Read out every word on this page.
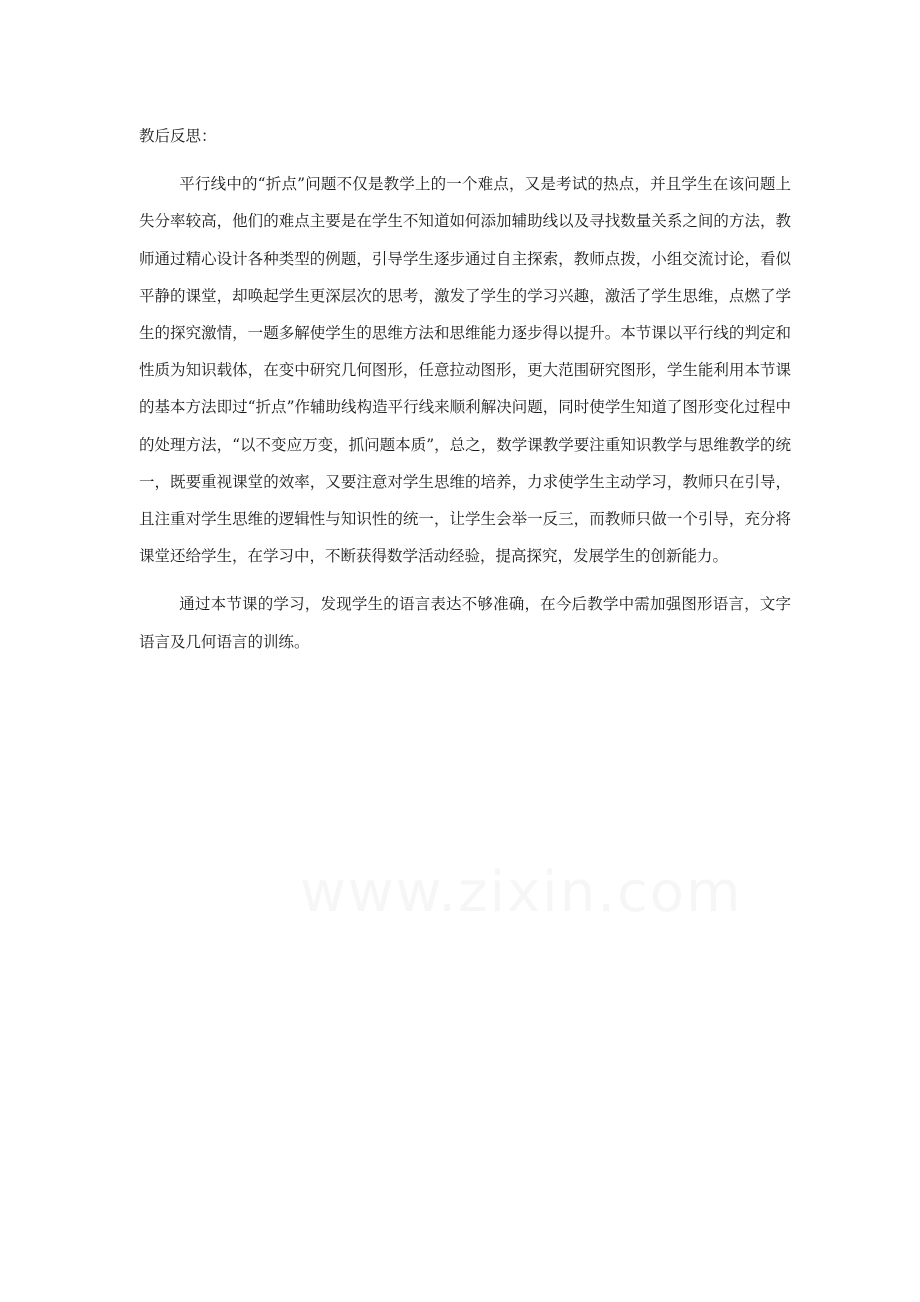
教后反思：

平行线中的“折点”问题不仅是教学上的一个难点，又是考试的热点，并且学生在该问题上失分率较高，他们的难点主要是在学生不知道如何添加辅助线以及寻找数量关系之间的方法，教师通过精心设计各种类型的例题，引导学生逐步通过自主探索，教师点拨，小组交流讨论，看似平静的课堂，却唤起学生更深层次的思考，激发了学生的学习兴趣，激活了学生思维，点燃了学生的探究激情，一题多解使学生的思维方法和思维能力逐步得以提升。本节课以平行线的判定和性质为知识载体，在变中研究几何图形，任意拉动图形，更大范围研究图形，学生能利用本节课的基本方法即过“折点”作辅助线构造平行线来顺利解决问题，同时使学生知道了图形变化过程中的处理方法，“以不变应万变，抓问题本质”，总之，数学课教学要注重知识教学与思维教学的统一，既要重视课堂的效率，又要注意对学生思维的培养，力求使学生主动学习，教师只在引导，且注重对学生思维的逻辑性与知识性的统一，让学生会举一反三，而教师只做一个引导，充分将课堂还给学生，在学习中，不断获得数学活动经验，提高探究，发展学生的创新能力。

通过本节课的学习，发现学生的语言表达不够准确，在今后教学中需加强图形语言，文字语言及几何语言的训练。
